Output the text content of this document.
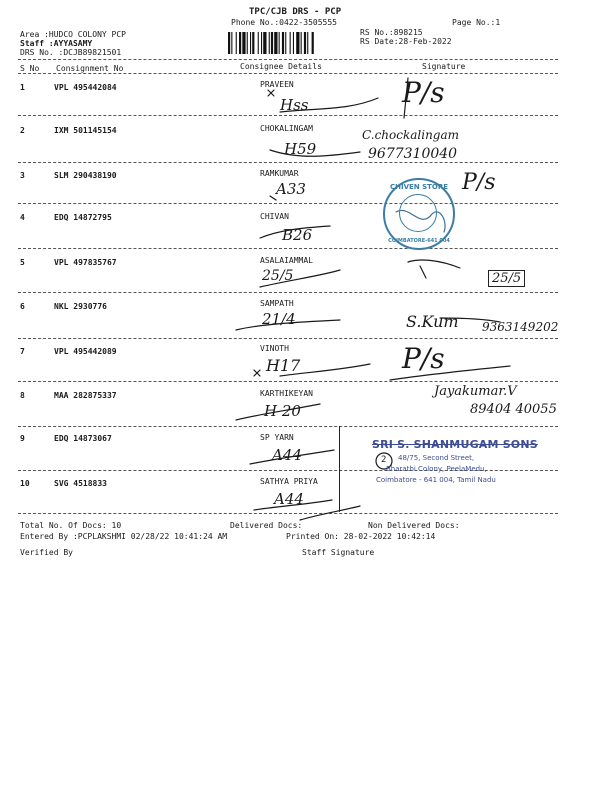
TPC/CJB DRS - PCP
Phone No.:0422-3505555	Page No.:1
Area :HUDCO COLONY PCP
Staff :AYYASAMY
DRS No. :DCJB89821501
RS No.:898215
RS Date:28-Feb-2022
S No Consignment No	Consignee Details	Signature
1	VPL 495442084	PRAVEEN
Hss	P/s
2	IXM 501145154	CHOKALINGAM
H59
C.chockalingam
9677310040
3	SLM 290438190	RAMKUMAR
A33	P/s
4	EDQ 14872795	CHIVAN
B26
5	VPL 497835767	ASALAIAMMAL
25/5	25/5
6	NKL 2930776	SAMPATH
21/4	S.Kum 9363149202
7	VPL 495442089	VINOTH
H17	P/s
8	MAA 282875337	KARTHIKEYAN
H 20
Jayakumar.V
89404 40055
9	EDQ 14873067	SP YARN
A44
10	SVG 4518833	SATHYA PRIYA
A44
2
CHIVEN STORE
COIMBATORE-641 004
SRI S. SHANMUGAM SONS
48/75, Second Street,
Bharathi Colony, PeelaMedu,
Coimbatore - 641 004, Tamil Nadu
Total No. Of Docs: 10	Delivered Docs:	Non Delivered Docs:
Entered By :PCPLAKSHMI 02/28/22 10:41:24 AM	Printed On: 28-02-2022 10:42:14
Verified By	Staff Signature
